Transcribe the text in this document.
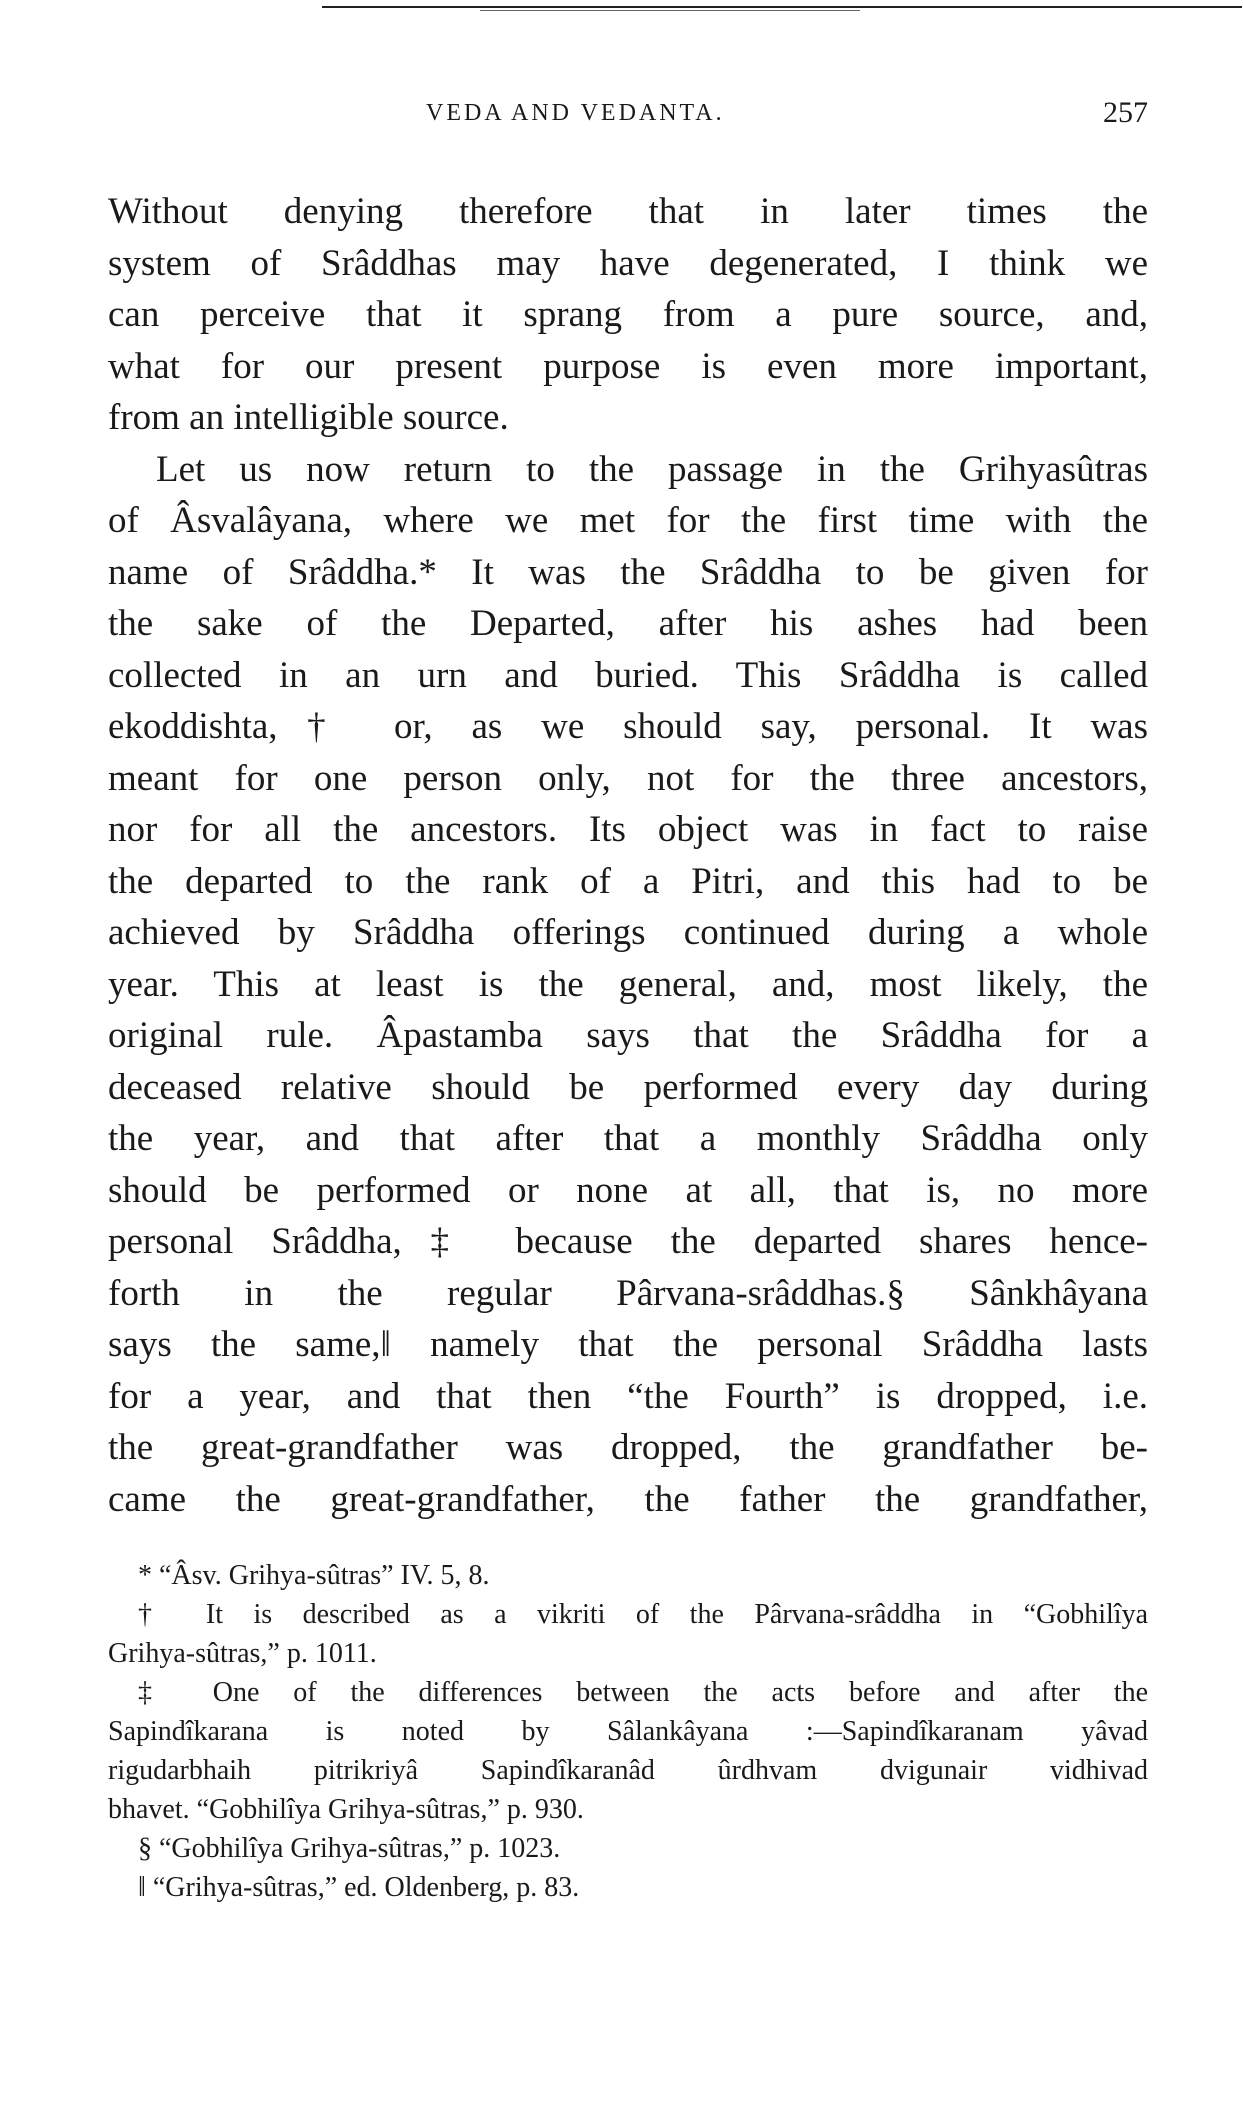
VEDA AND VEDANTA.	257
Without denying therefore that in later times the
system of Srâddhas may have degenerated, I think we
can perceive that it sprang from a pure source, and,
what for our present purpose is even more important,
from an intelligible source.
Let us now return to the passage in the Grihyasûtras
of Âsvalâyana, where we met for the first time with the
name of Srâddha.* It was the Srâddha to be given for
the sake of the Departed, after his ashes had been
collected in an urn and buried. This Srâddha is called
ekoddishta,† or, as we should say, personal. It was
meant for one person only, not for the three ancestors,
nor for all the ancestors. Its object was in fact to raise
the departed to the rank of a Pitri, and this had to be
achieved by Srâddha offerings continued during a whole
year. This at least is the general, and, most likely, the
original rule. Âpastamba says that the Srâddha for a
deceased relative should be performed every day during
the year, and that after that a monthly Srâddha only
should be performed or none at all, that is, no more
personal Srâddha,‡ because the departed shares hence-
forth in the regular Pârvana-srâddhas.§ Sânkhâyana
says the same,‖ namely that the personal Srâddha lasts
for a year, and that then “the Fourth” is dropped, i.e.
the great-grandfather was dropped, the grandfather be-
came the great-grandfather, the father the grandfather,
* “Âsv. Grihya-sûtras” IV. 5, 8.
† It is described as a vikriti of the Pârvana-srâddha in “Gobhilîya
Grihya-sûtras,” p. 1011.
‡ One of the differences between the acts before and after the
Sapindîkarana is noted by Sâlankâyana :—Sapindîkaranam yâvad
rigudarbhaih pitrikriyâ Sapindîkaranâd ûrdhvam dvigunair vidhivad
bhavet. “Gobhilîya Grihya-sûtras,” p. 930.
§ “Gobhilîya Grihya-sûtras,” p. 1023.
‖ “Grihya-sûtras,” ed. Oldenberg, p. 83.
